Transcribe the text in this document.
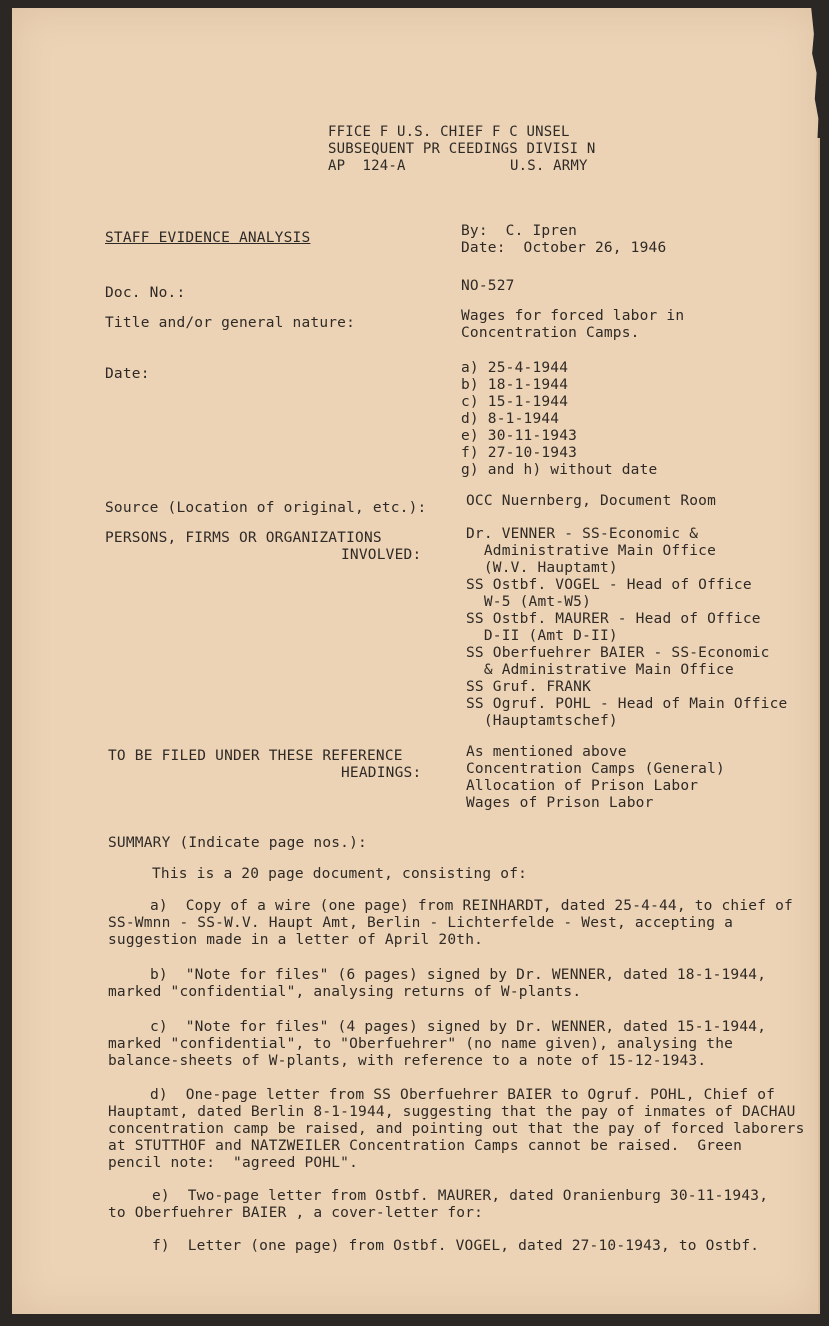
FFICE F U.S. CHIEF F C UNSEL
SUBSEQUENT PR CEEDINGS DIVISI N
AP  124-A	U.S. ARMY
STAFF EVIDENCE ANALYSIS	By:  C. Ipren
Date:  October 26, 1946
Doc. No.:	NO-527
Title and/or general nature:	Wages for forced labor in
Concentration Camps.
Date:	a) 25-4-1944
b) 18-1-1944
c) 15-1-1944
d) 8-1-1944
e) 30-11-1943
f) 27-10-1943
g) and h) without date
Source (Location of original, etc.):	OCC Nuernberg, Document Room
PERSONS, FIRMS OR ORGANIZATIONS
INVOLVED:
Dr. VENNER - SS-Economic &
Administrative Main Office
(W.V. Hauptamt)
SS Ostbf. VOGEL - Head of Office
W-5 (Amt-W5)
SS Ostbf. MAURER - Head of Office
D-II (Amt D-II)
SS Oberfuehrer BAIER - SS-Economic
& Administrative Main Office
SS Gruf. FRANK
SS Ogruf. POHL - Head of Main Office
(Hauptamtschef)
TO BE FILED UNDER THESE REFERENCE
HEADINGS:
As mentioned above
Concentration Camps (General)
Allocation of Prison Labor
Wages of Prison Labor
SUMMARY (Indicate page nos.):
This is a 20 page document, consisting of:
a)  Copy of a wire (one page) from REINHARDT, dated 25-4-44, to chief of
SS-Wmnn - SS-W.V. Haupt Amt, Berlin - Lichterfelde - West, accepting a
suggestion made in a letter of April 20th.
b)  "Note for files" (6 pages) signed by Dr. WENNER, dated 18-1-1944,
marked "confidential", analysing returns of W-plants.
c)  "Note for files" (4 pages) signed by Dr. WENNER, dated 15-1-1944,
marked "confidential", to "Oberfuehrer" (no name given), analysing the
balance-sheets of W-plants, with reference to a note of 15-12-1943.
d)  One-page letter from SS Oberfuehrer BAIER to Ogruf. POHL, Chief of
Hauptamt, dated Berlin 8-1-1944, suggesting that the pay of inmates of DACHAU
concentration camp be raised, and pointing out that the pay of forced laborers
at STUTTHOF and NATZWEILER Concentration Camps cannot be raised.  Green
pencil note:  "agreed POHL".
e)  Two-page letter from Ostbf. MAURER, dated Oranienburg 30-11-1943,
to Oberfuehrer BAIER , a cover-letter for:
f)  Letter (one page) from Ostbf. VOGEL, dated 27-10-1943, to Ostbf.
